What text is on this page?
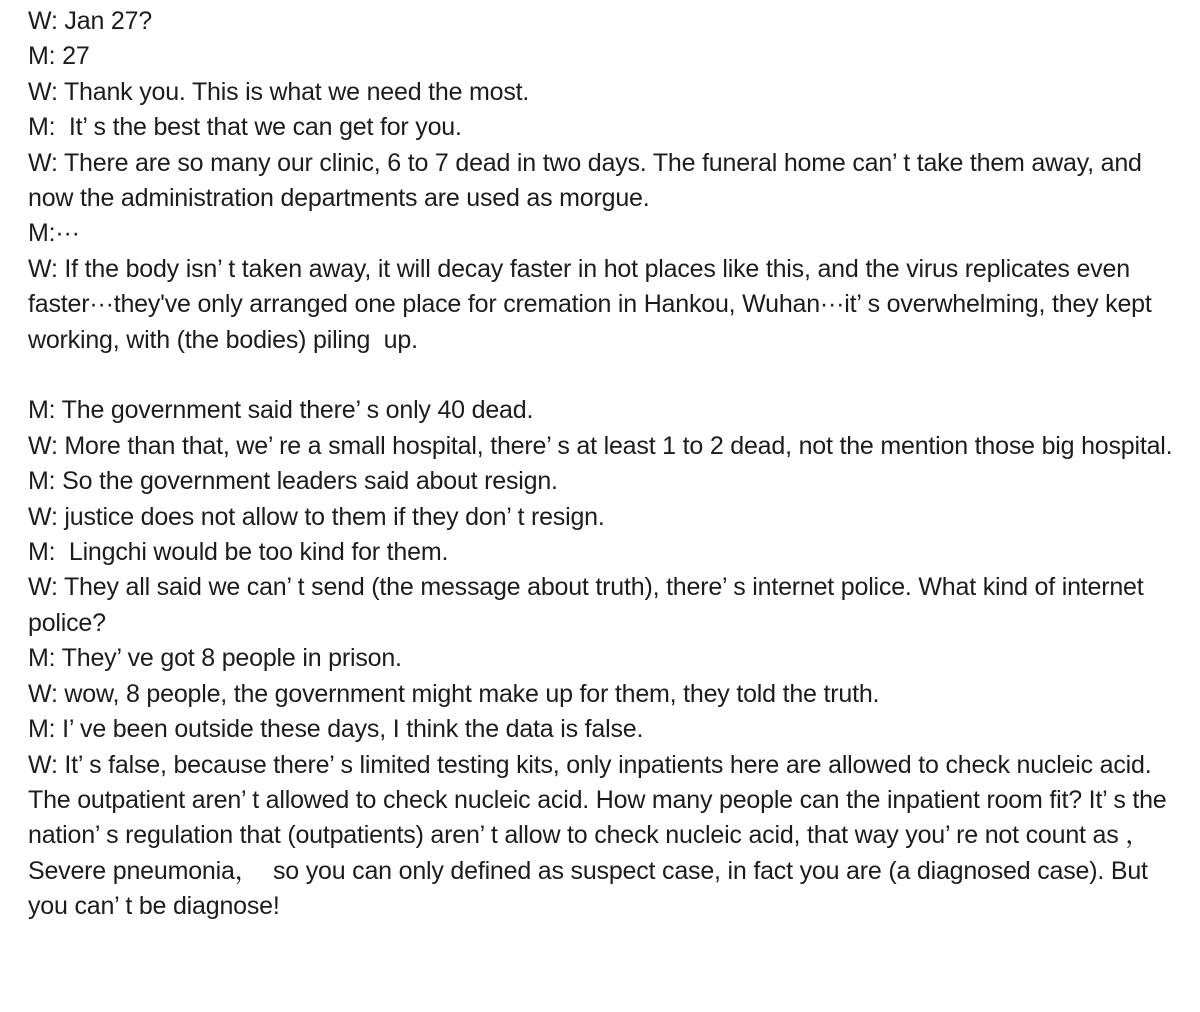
W: Jan 27?

M: 27

W: Thank you. This is what we need the most.

M:  It’ s the best that we can get for you.

W: There are so many our clinic, 6 to 7 dead in two days. The funeral home can’ t take them away, and now the administration departments are used as morgue.

M:···

W: If the body isn’ t taken away, it will decay faster in hot places like this, and the virus replicates even faster···they've only arranged one place for cremation in Hankou, Wuhan···it’ s overwhelming, they kept working, with (the bodies) piling  up.

M: The government said there’ s only 40 dead.

W: More than that, we’ re a small hospital, there’ s at least 1 to 2 dead, not the mention those big hospital.

M: So the government leaders said about resign.

W: justice does not allow to them if they don’ t resign.

M:  Lingchi would be too kind for them.

W: They all said we can’ t send (the message about truth), there’ s internet police. What kind of internet police?

M: They’ ve got 8 people in prison.

W: wow, 8 people, the government might make up for them, they told the truth.

M: I’ ve been outside these days, I think the data is false.

W: It’ s false, because there’ s limited testing kits, only inpatients here are allowed to check nucleic acid. The outpatient aren’ t allowed to check nucleic acid. How many people can the inpatient room fit? It’ s the nation’ s regulation that (outpatients) aren’ t allow to check nucleic acid, that way you’ re not count as ，Severe pneumonia，  so you can only defined as suspect case, in fact you are (a diagnosed case). But you can’ t be diagnose!
